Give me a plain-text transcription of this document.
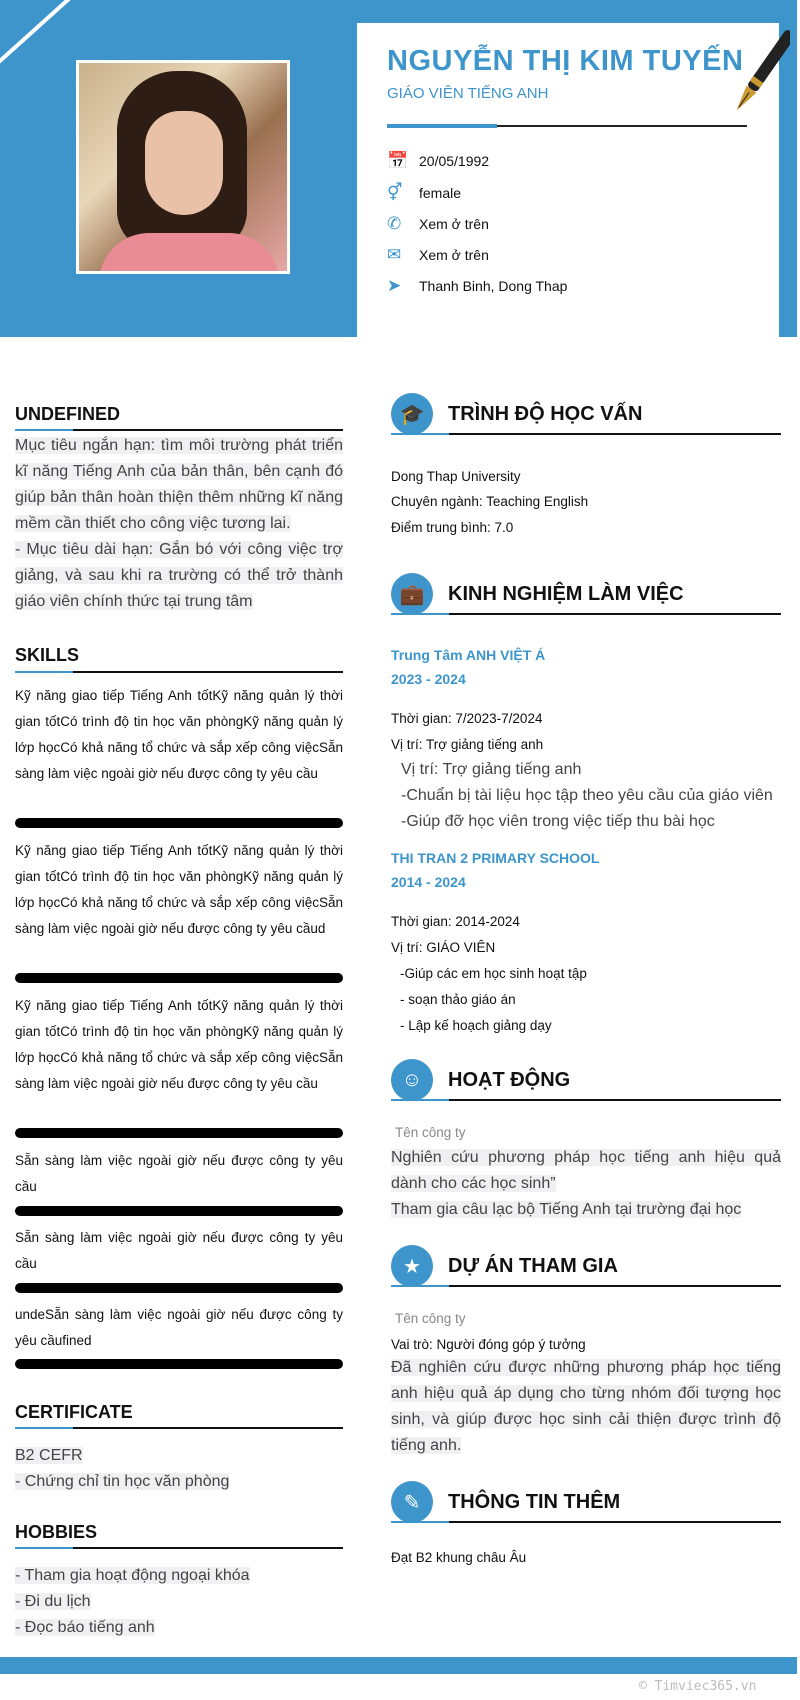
NGUYỄN THỊ KIM TUYẾN
GIÁO VIÊN TIẾNG ANH
📅 20/05/1992
⚥	female
✆	Xem ở trên
✉	Xem ở trên
➤	Thanh Binh, Dong Thap
UNDEFINED
Mục tiêu ngắn hạn: tìm môi trường phát triển kĩ năng Tiếng Anh của bản thân, bên cạnh đó giúp bản thân hoàn thiện thêm những kĩ năng mềm cần thiết cho công việc tương lai.
- Mục tiêu dài hạn: Gắn bó với công việc trợ giảng, và sau khi ra trường có thể trở thành giáo viên chính thức tại trung tâm
SKILLS
Kỹ năng giao tiếp Tiếng Anh tốtKỹ năng quản lý thời gian tốtCó trình độ tin học văn phòngKỹ năng quản lý lớp họcCó khả năng tổ chức và sắp xếp công việcSẵn sàng làm việc ngoài giờ nếu được công ty yêu cầu
Kỹ năng giao tiếp Tiếng Anh tốtKỹ năng quản lý thời gian tốtCó trình độ tin học văn phòngKỹ năng quản lý lớp họcCó khả năng tổ chức và sắp xếp công việcSẵn sàng làm việc ngoài giờ nếu được công ty yêu cầud
Kỹ năng giao tiếp Tiếng Anh tốtKỹ năng quản lý thời gian tốtCó trình độ tin học văn phòngKỹ năng quản lý lớp họcCó khả năng tổ chức và sắp xếp công việcSẵn sàng làm việc ngoài giờ nếu được công ty yêu cầu
Sẵn sàng làm việc ngoài giờ nếu được công ty yêu cầu
Sẵn sàng làm việc ngoài giờ nếu được công ty yêu cầu
undeSẵn sàng làm việc ngoài giờ nếu được công ty yêu cầufined
CERTIFICATE
B2 CEFR
- Chứng chỉ tin học văn phòng
HOBBIES
- Tham gia hoạt động ngoại khóa
- Đi du lịch
- Đọc báo tiếng anh
🎓	TRÌNH ĐỘ HỌC VẤN
Dong Thap University
Chuyên ngành: Teaching English
Điểm trung bình: 7.0
💼	KINH NGHIỆM LÀM VIỆC
Trung Tâm ANH VIỆT Á
2023 - 2024
Thời gian: 7/2023-7/2024
Vị trí: Trợ giảng tiếng anh
Vị trí: Trợ giảng tiếng anh
-Chuẩn bị tài liệu học tập theo yêu cầu của giáo viên
-Giúp đỡ học viên trong việc tiếp thu bài học
THI TRAN 2 PRIMARY SCHOOL
2014 - 2024
Thời gian: 2014-2024
Vị trí: GIÁO VIÊN
-Giúp các em học sinh hoạt tập
- soạn thảo giáo án
- Lập kế hoạch giảng dạy
☺	HOẠT ĐỘNG
Tên công ty
Nghiên cứu phương pháp học tiếng anh hiệu quả dành cho các học sinh”
Tham gia câu lạc bộ Tiếng Anh tại trường đại học
★	DỰ ÁN THAM GIA
Tên công ty
Vai trò: Người đóng góp ý tưởng
Đã nghiên cứu được những phương pháp học tiếng anh hiệu quả áp dụng cho từng nhóm đối tượng học sinh, và giúp được học sinh cải thiện được trình độ tiếng anh.
✎	THÔNG TIN THÊM
Đạt B2 khung châu Âu
© Timviec365.vn
